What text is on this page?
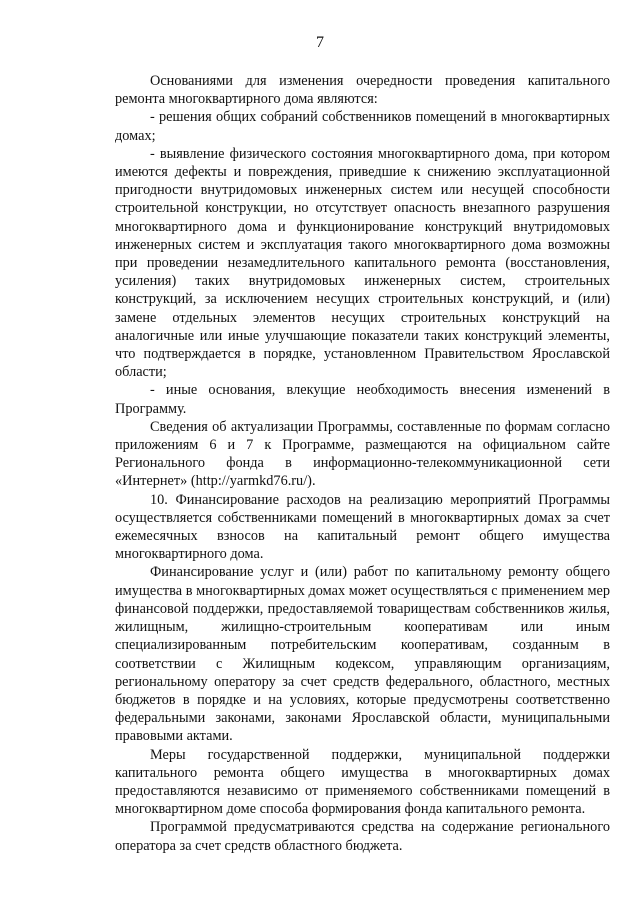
7

Основаниями для изменения очередности проведения капитального ремонта многоквартирного дома являются:

- решения общих собраний собственников помещений в многоквартирных домах;

- выявление физического состояния многоквартирного дома, при котором имеются дефекты и повреждения, приведшие к снижению эксплуатационной пригодности внутридомовых инженерных систем или несущей способности строительной конструкции, но отсутствует опасность внезапного разрушения многоквартирного дома и функционирование конструкций внутридомовых инженерных систем и эксплуатация такого многоквартирного дома возможны при проведении незамедлительного капитального ремонта (восстановления, усиления) таких внутридомовых инженерных систем, строительных конструкций, за исключением несущих строительных конструкций, и (или) замене отдельных элементов несущих строительных конструкций на аналогичные или иные улучшающие показатели таких конструкций элементы, что подтверждается в порядке, установленном Правительством Ярославской области;

- иные основания, влекущие необходимость внесения изменений в Программу.

Сведения об актуализации Программы, составленные по формам согласно приложениям 6 и 7 к Программе, размещаются на официальном сайте Регионального фонда в информационно-телекоммуникационной сети «Интернет» (http://yarmkd76.ru/).

10. Финансирование расходов на реализацию мероприятий Программы осуществляется собственниками помещений в многоквартирных домах за счет ежемесячных взносов на капитальный ремонт общего имущества многоквартирного дома.

Финансирование услуг и (или) работ по капитальному ремонту общего имущества в многоквартирных домах может осуществляться с применением мер финансовой поддержки, предоставляемой товариществам собственников жилья, жилищным, жилищно-строительным кооперативам или иным специализированным потребительским кооперативам, созданным в соответствии с Жилищным кодексом, управляющим организациям, региональному оператору за счет средств федерального, областного, местных бюджетов в порядке и на условиях, которые предусмотрены соответственно федеральными законами, законами Ярославской области, муниципальными правовыми актами.

Меры государственной поддержки, муниципальной поддержки капитального ремонта общего имущества в многоквартирных домах предоставляются независимо от применяемого собственниками помещений в многоквартирном доме способа формирования фонда капитального ремонта.

Программой предусматриваются средства на содержание регионального оператора за счет средств областного бюджета.
